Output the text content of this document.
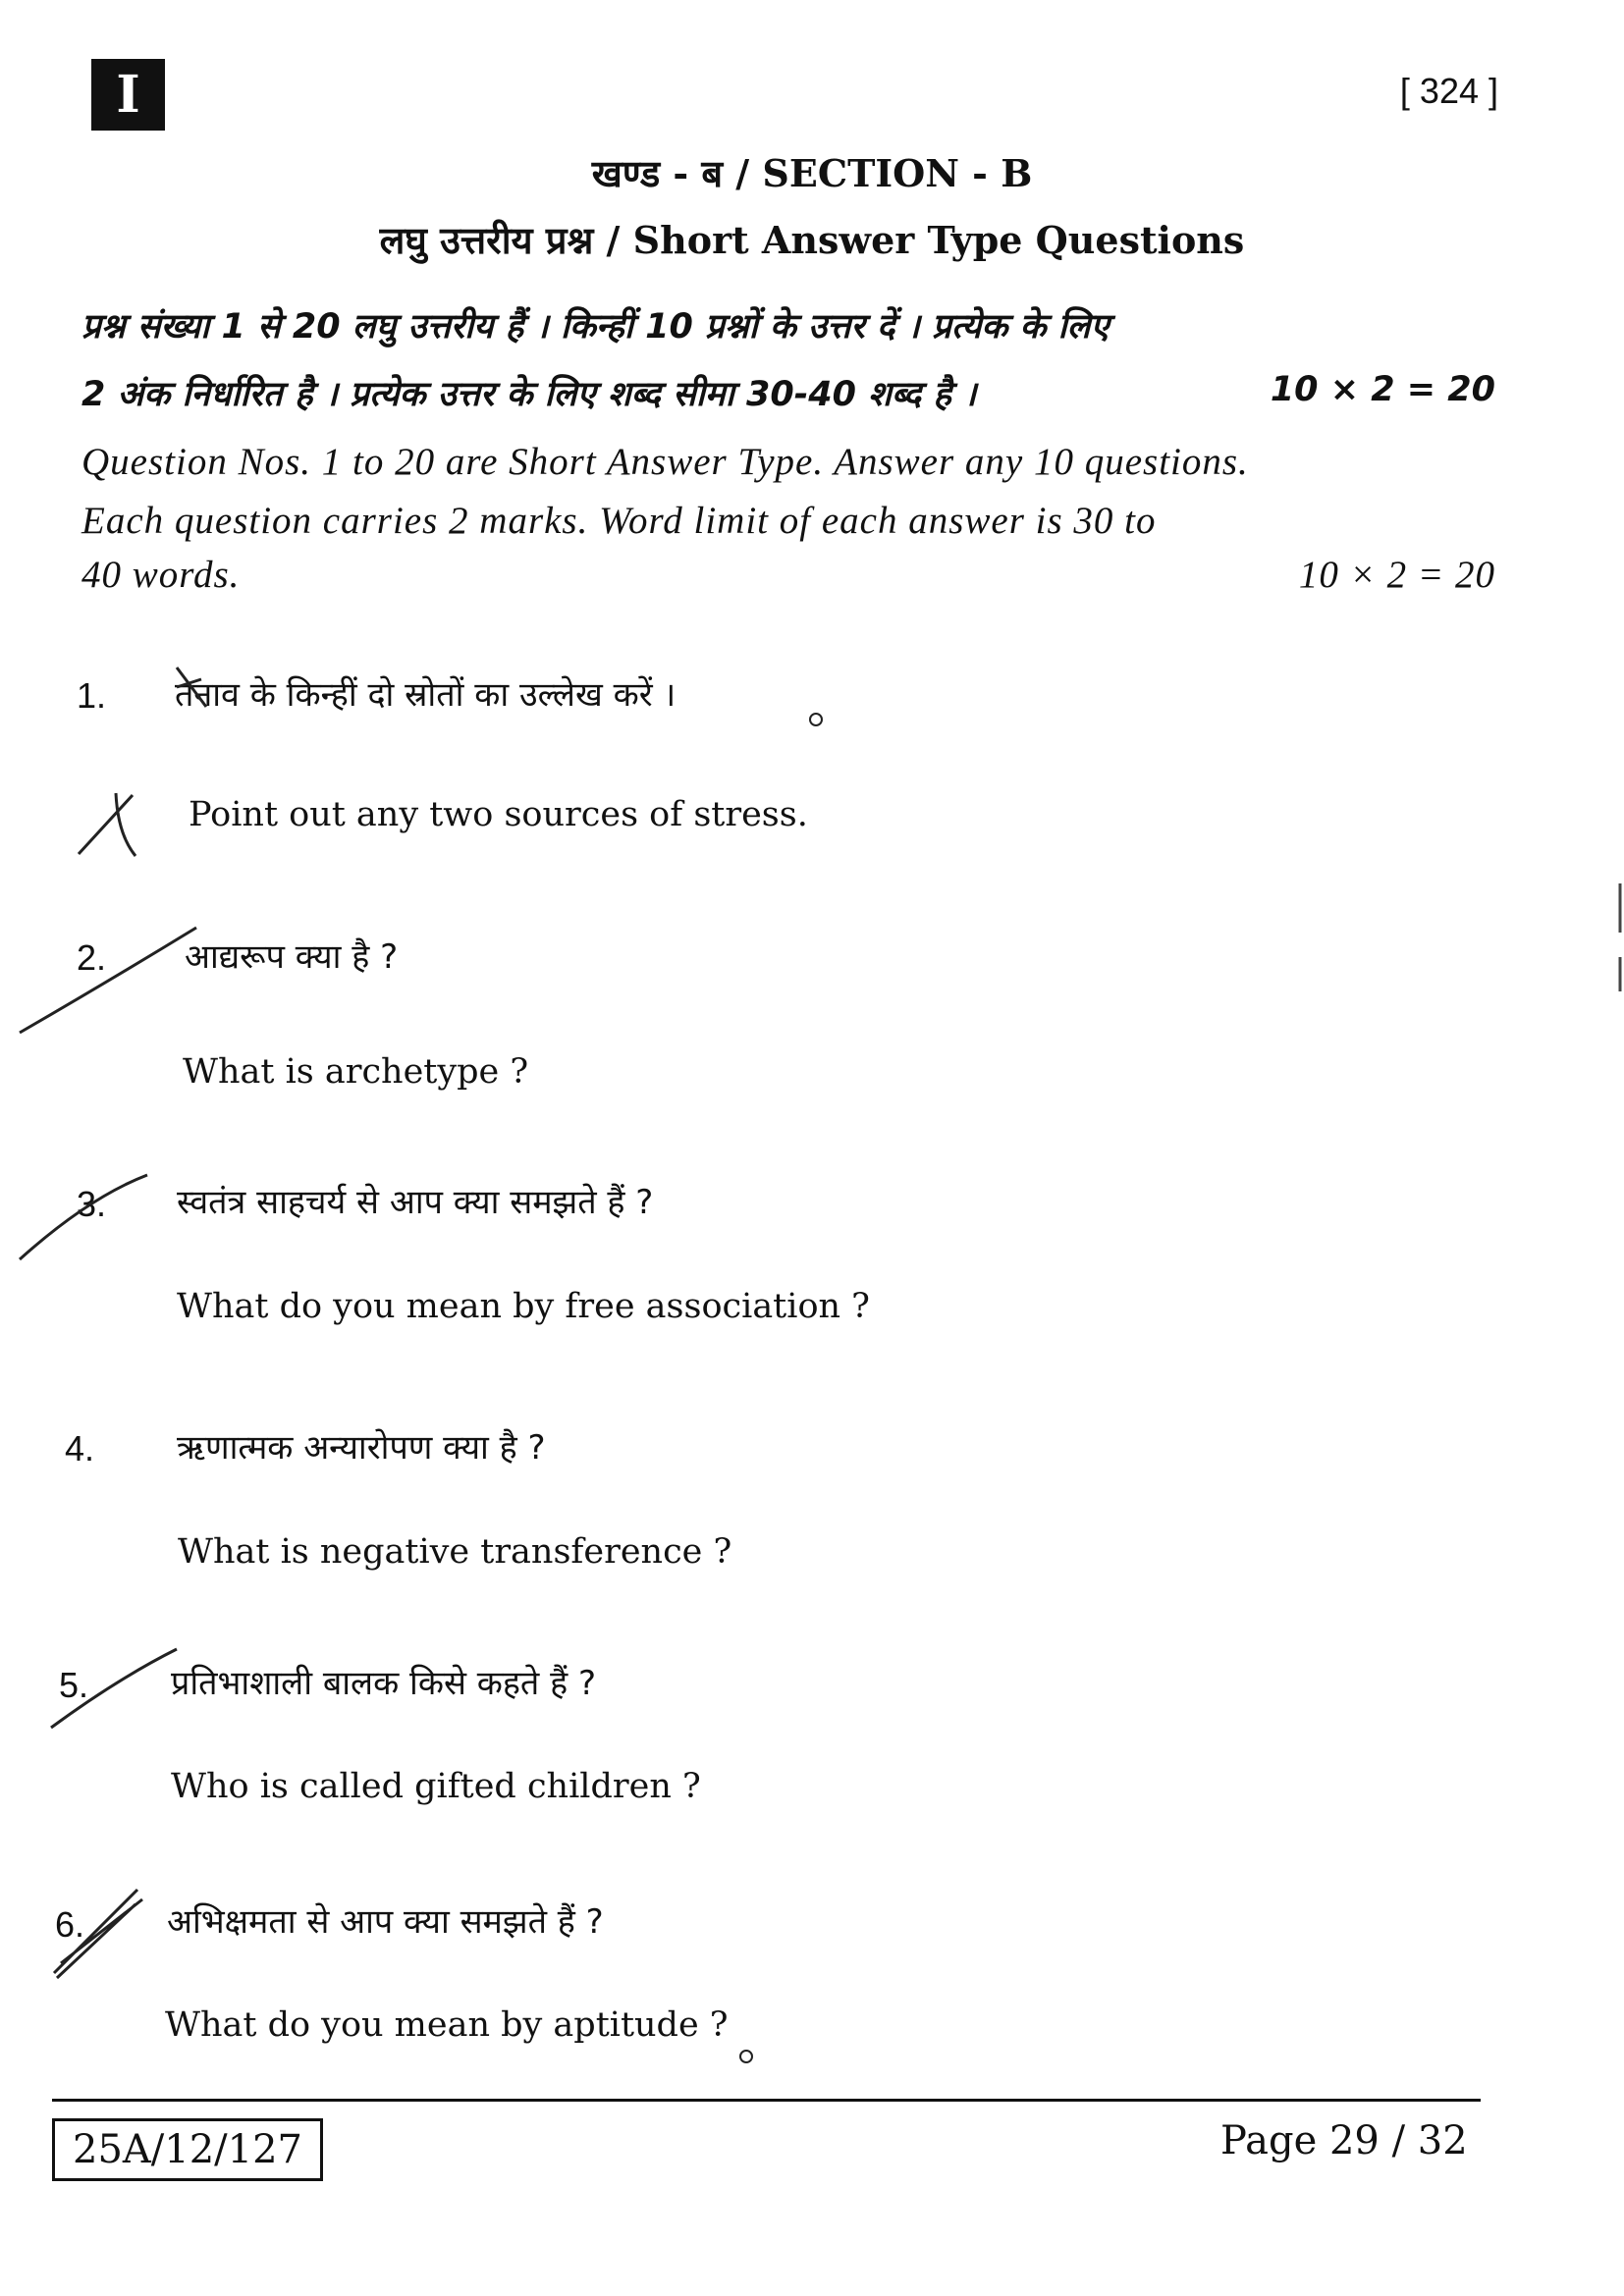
I	[ 324 ]
खण्ड - ब / SECTION - B
लघु उत्तरीय प्रश्न / Short Answer Type Questions
प्रश्न संख्या 1 से 20 लघु उत्तरीय हैं । किन्हीं 10 प्रश्नों के उत्तर दें । प्रत्येक के लिए
2 अंक निर्धारित है । प्रत्येक उत्तर के लिए शब्द सीमा 30-40 शब्द है ।	10 × 2 = 20
Question Nos. 1 to 20 are Short Answer Type. Answer any 10 questions.
Each question carries 2 marks. Word limit of each answer is 30 to
40 words.	10 × 2 = 20
1. तनाव के किन्हीं दो स्रोतों का उल्लेख करें ।
Point out any two sources of stress.
2. आद्यरूप क्या है ?
What is archetype ?
3. स्वतंत्र साहचर्य से आप क्या समझते हैं ?
What do you mean by free association ?
4. ऋणात्मक अन्यारोपण क्या है ?
What is negative transference ?
5. प्रतिभाशाली बालक किसे कहते हैं ?
Who is called gifted children ?
6. अभिक्षमता से आप क्या समझते हैं ?
What do you mean by aptitude ?
25A/12/127	Page 29 / 32
